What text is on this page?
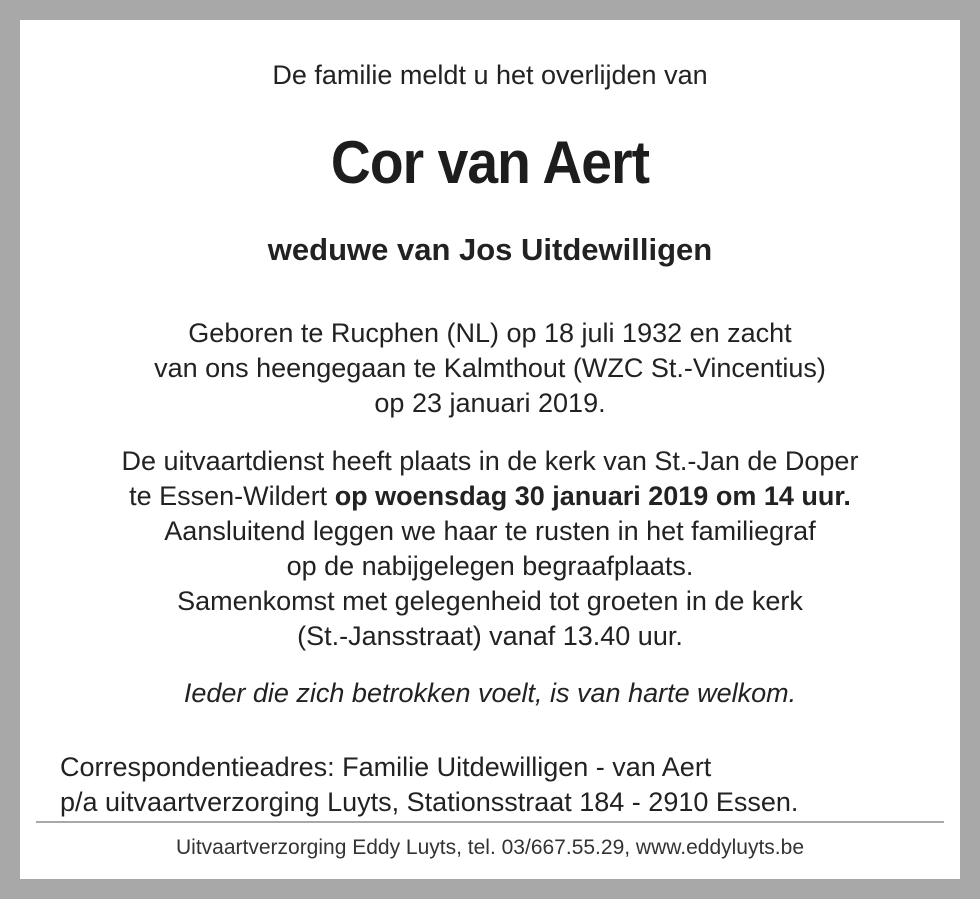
De familie meldt u het overlijden van
Cor van Aert
weduwe van Jos Uitdewilligen
Geboren te Rucphen (NL) op 18 juli 1932 en zacht
van ons heengegaan te Kalmthout (WZC St.-Vincentius)
op 23 januari 2019.
De uitvaartdienst heeft plaats in de kerk van St.-Jan de Doper
te Essen-Wildert op woensdag 30 januari 2019 om 14 uur.
Aansluitend leggen we haar te rusten in het familiegraf
op de nabijgelegen begraafplaats.
Samenkomst met gelegenheid tot groeten in de kerk
(St.-Jansstraat) vanaf 13.40 uur.
Ieder die zich betrokken voelt, is van harte welkom.
Correspondentieadres: Familie Uitdewilligen - van Aert
p/a uitvaartverzorging Luyts, Stationsstraat 184 - 2910 Essen.
Uitvaartverzorging Eddy Luyts, tel. 03/667.55.29, www.eddyluyts.be
